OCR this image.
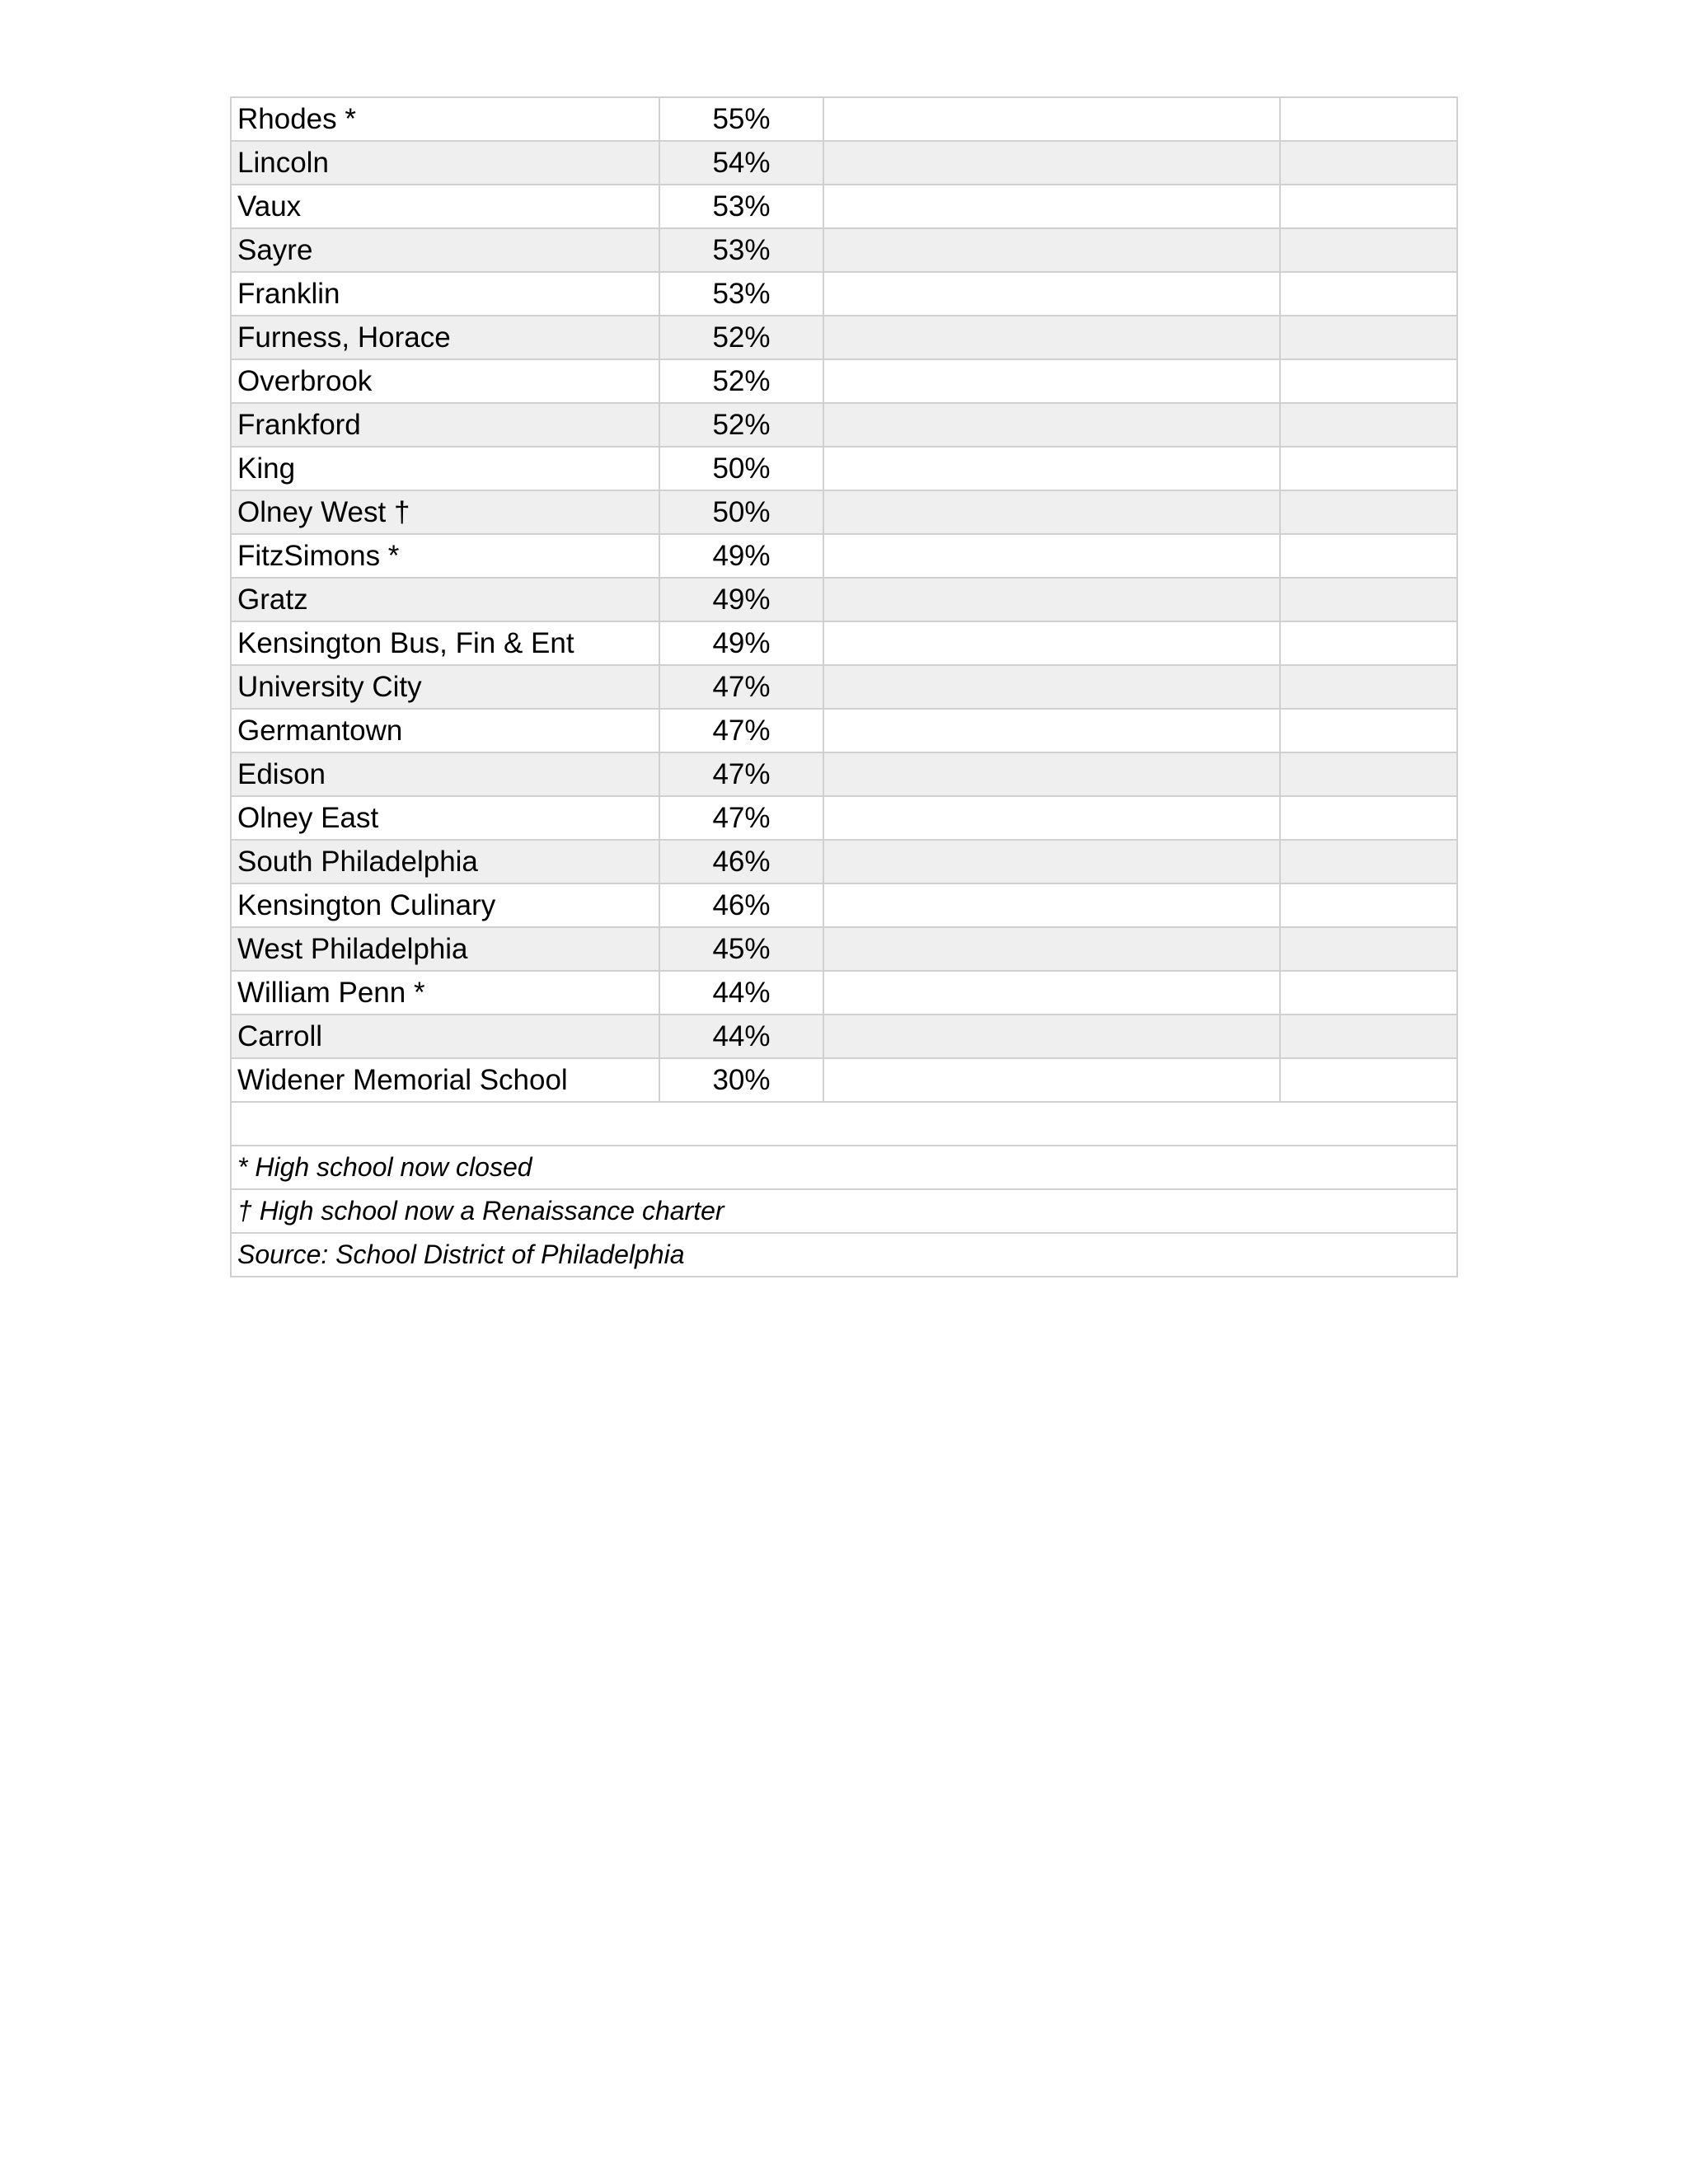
Rhodes *	55%		
Lincoln	54%		
Vaux	53%		
Sayre	53%		
Franklin	53%		
Furness, Horace	52%		
Overbrook	52%		
Frankford	52%		
King	50%		
Olney West †	50%		
FitzSimons *	49%		
Gratz	49%		
Kensington Bus, Fin & Ent	49%		
University City	47%		
Germantown	47%		
Edison	47%		
Olney East	47%		
South Philadelphia	46%		
Kensington Culinary	46%		
West Philadelphia	45%		
William Penn *	44%		
Carroll	44%		
Widener Memorial School	30%		

* High school now closed			
† High school now a Renaissance charter			
Source: School District of Philadelphia			
